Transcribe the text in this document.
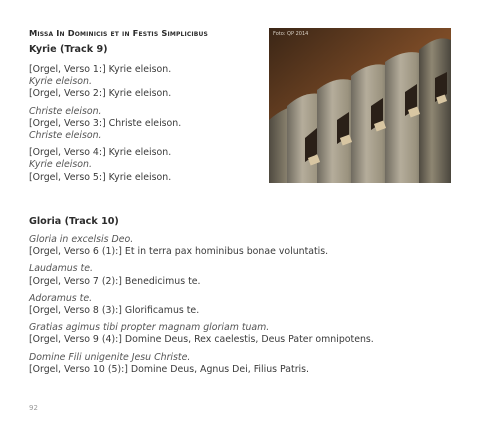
Missa In Dominicis et in Festis Simplicibus
Kyrie (Track 9)
[Orgel, Verso 1:] Kyrie eleison.
Kyrie eleison.
[Orgel, Verso 2:] Kyrie eleison.
Christe eleison.
[Orgel, Verso 3:] Christe eleison.
Christe eleison.
[Orgel, Verso 4:] Kyrie eleison.
Kyrie eleison.
[Orgel, Verso 5:] Kyrie eleison.
Gloria (Track 10)
Gloria in excelsis Deo.
[Orgel, Verso 6 (1):] Et in terra pax hominibus bonae voluntatis.
Laudamus te.
[Orgel, Verso 7 (2):] Benedicimus te.
Adoramus te.
[Orgel, Verso 8 (3):] Glorificamus te.
Gratias agimus tibi propter magnam gloriam tuam.
[Orgel, Verso 9 (4):] Domine Deus, Rex caelestis, Deus Pater omnipotens.
Domine Fili unigenite Jesu Christe.
[Orgel, Verso 10 (5):] Domine Deus, Agnus Dei, Filius Patris.
Foto: QP 2014
92
